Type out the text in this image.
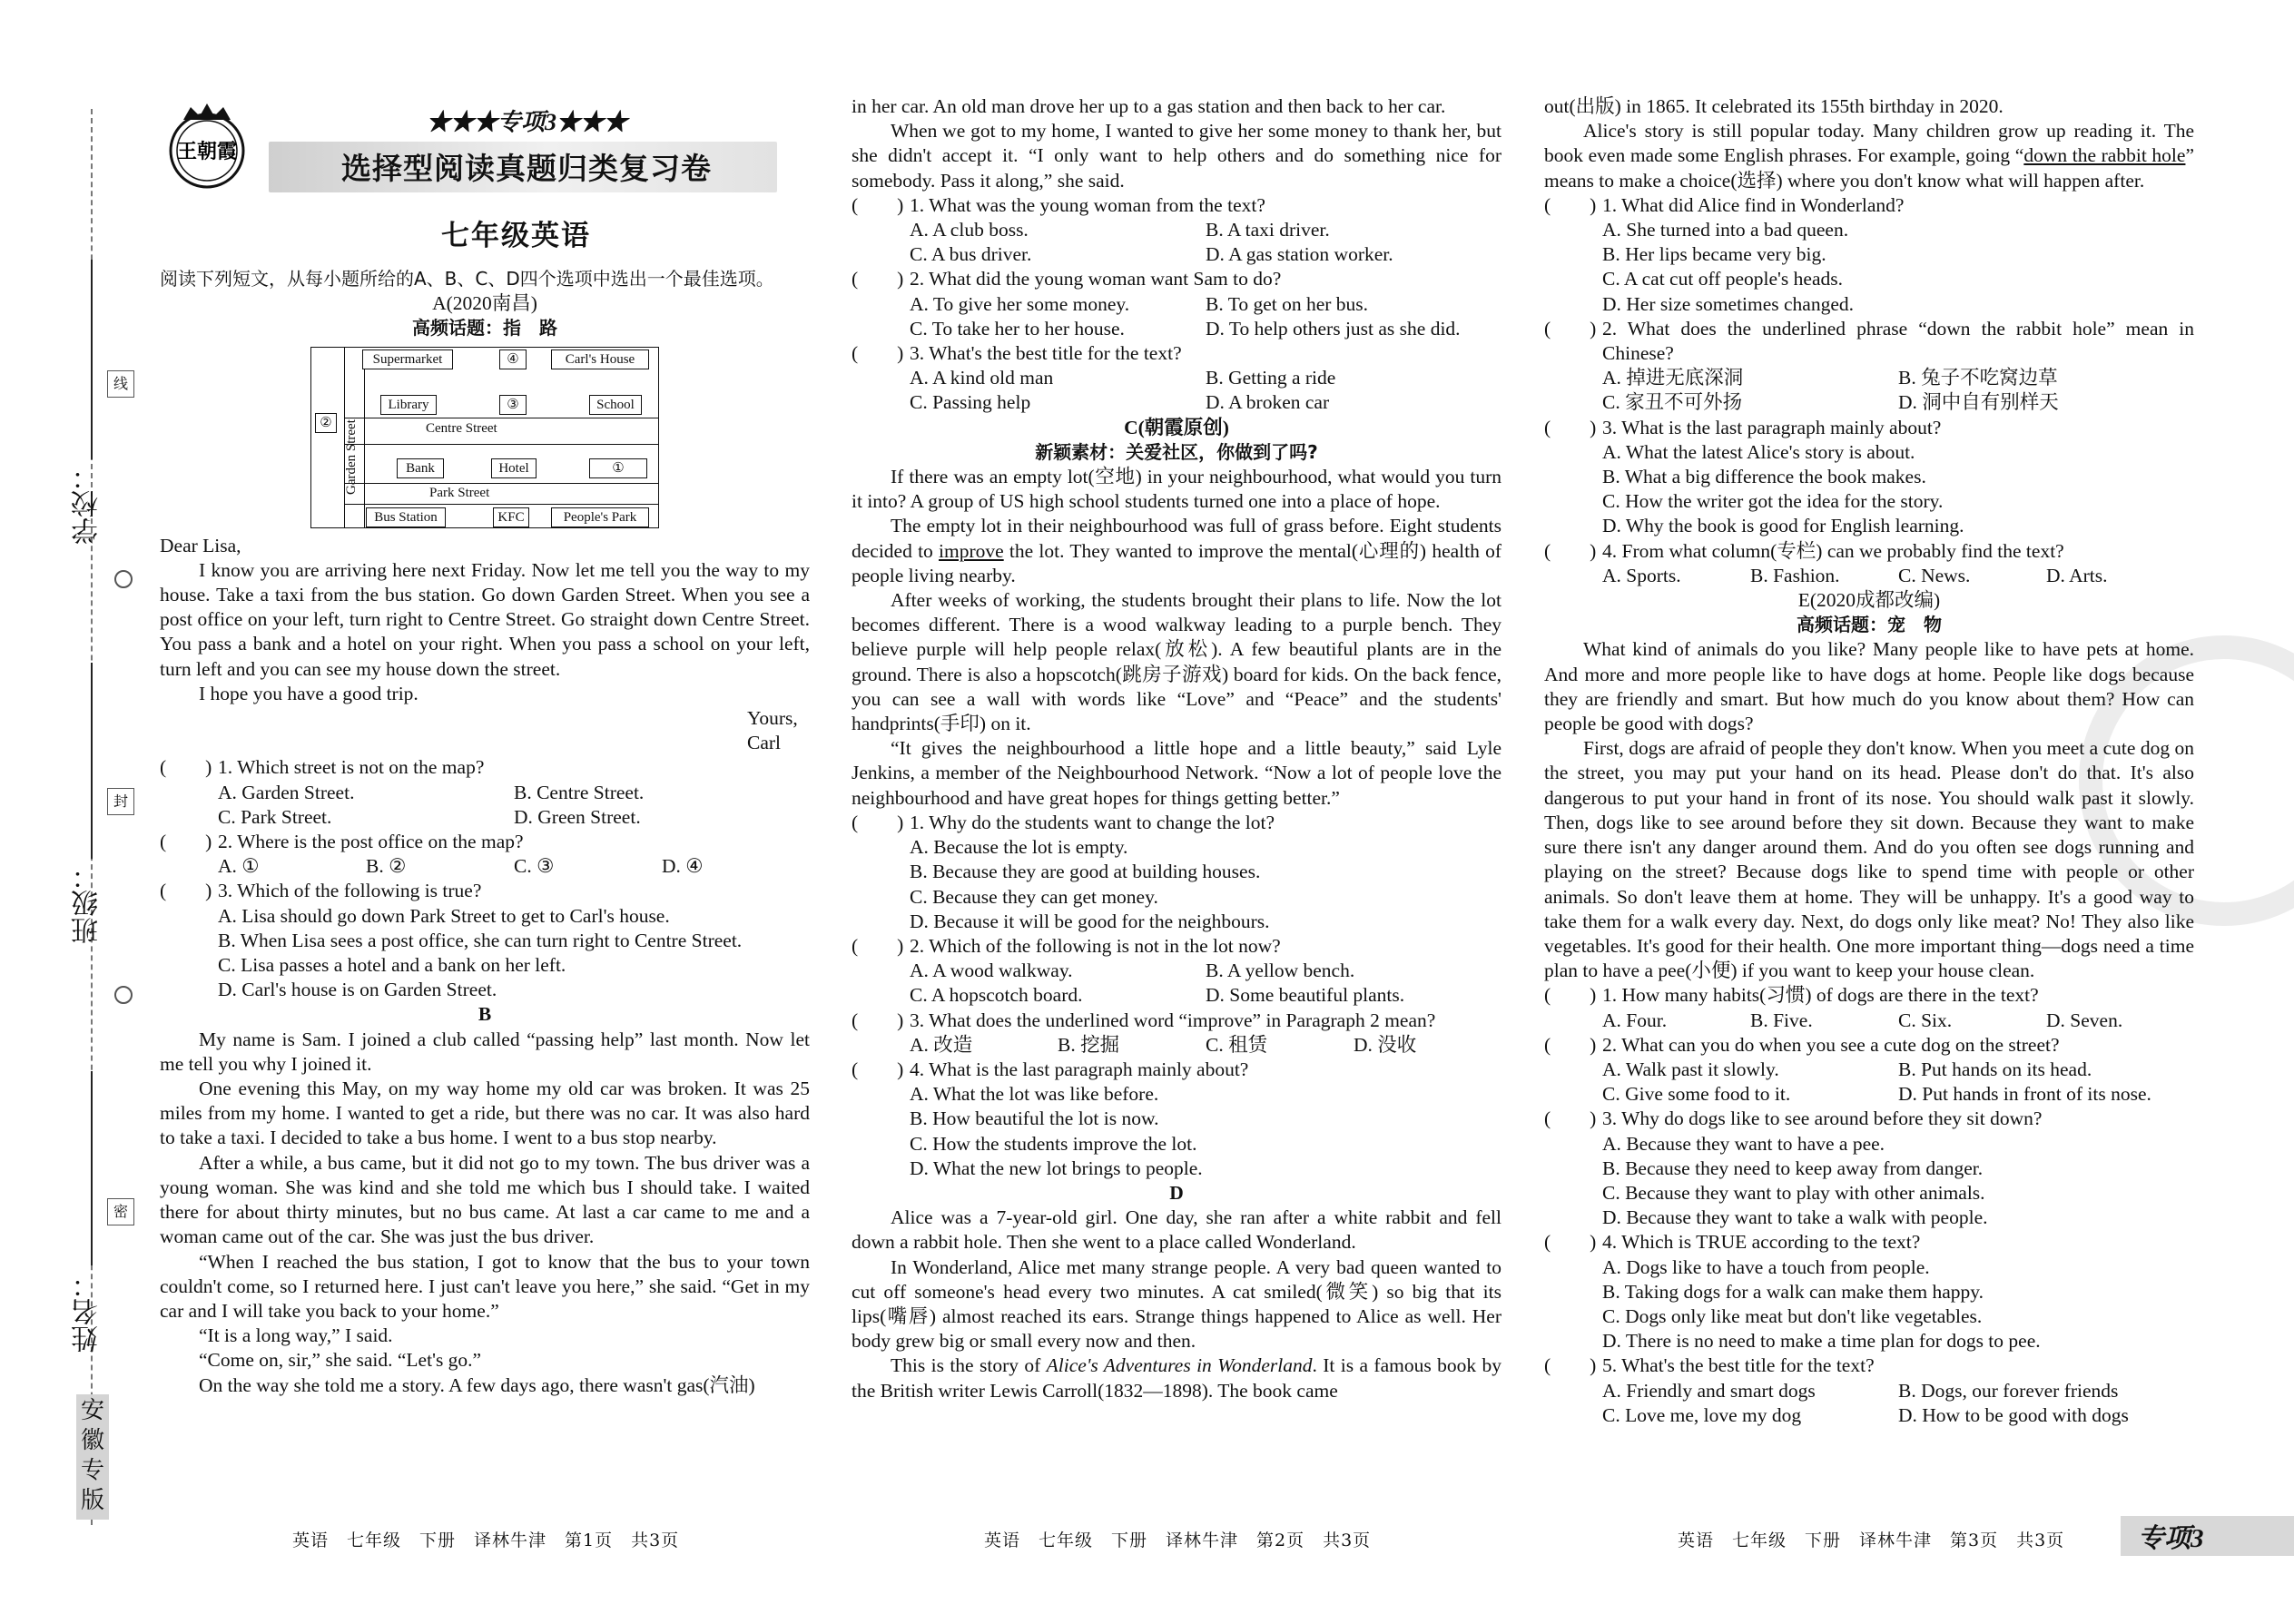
线
封
密
学校：
班级：
姓名：
安徽专版
王朝霞
★★★专项3★★★
选择型阅读真题归类复习卷
七年级英语

阅读下列短文，从每小题所给的A、B、C、D四个选项中选出一个最佳选项。

A(2020南昌)

高频话题：指　路

Dear Lisa,

I know you are arriving here next Friday. Now let me tell you the way to my house. Take a taxi from the bus station. Go down Garden Street. When you see a post office on your left, turn right to Centre Street. Go straight down Centre Street. You pass a bank and a hotel on your right. When you pass a school on your left, turn left and you can see my house down the street.

I hope you have a good trip.

Yours,

Carl

(　　) 1. Which street is not on the map?
A. Garden Street.	B. Centre Street.
C. Park Street.	D. Green Street.
(　　) 2. Where is the post office on the map?
A. ①	B. ②	C. ③	D. ④
(　　) 3. Which of the following is true?

A. Lisa should go down Park Street to get to Carl's house.

B. When Lisa sees a post office, she can turn right to Centre Street.

C. Lisa passes a hotel and a bank on her left.

D. Carl's house is on Garden Street.

B

My name is Sam. I joined a club called “passing help” last month. Now let me tell you why I joined it.

One evening this May, on my way home my old car was broken. It was 25 miles from my home. I wanted to get a ride, but there was no car. It was also hard to take a taxi. I decided to take a bus home. I went to a bus stop nearby.

After a while, a bus came, but it did not go to my town. The bus driver was a young woman. She was kind and she told me which bus I should take. I waited there for about thirty minutes, but no bus came. At last a car came to me and a woman came out of the car. She was just the bus driver.

“When I reached the bus station, I got to know that the bus to your town couldn't come, so I returned here. I just can't leave you here,” she said. “Get in my car and I will take you back to your home.”

“It is a long way,” I said.

“Come on, sir,” she said. “Let's go.”

On the way she told me a story. A few days ago, there wasn't gas(汽油)

Supermarket	④	Carl's House
Library	③	School
②	Centre Street
Garden Street	Bank	Hotel	①
Park Street
Bus Station	KFC	People's Park

in her car. An old man drove her up to a gas station and then back to her car.

When we got to my home, I wanted to give her some money to thank her, but she didn't accept it. “I only want to help others and do something nice for somebody. Pass it along,” she said.

(　　) 1. What was the young woman from the text?
A. A club boss.	B. A taxi driver.
C. A bus driver.	D. A gas station worker.
(　　) 2. What did the young woman want Sam to do?
A. To give her some money.	B. To get on her bus.
C. To take her to her house.	D. To help others just as she did.
(　　) 3. What's the best title for the text?
A. A kind old man	B. Getting a ride
C. Passing help	D. A broken car

C(朝霞原创)

新颖素材：关爱社区，你做到了吗?

If there was an empty lot(空地) in your neighbourhood, what would you turn it into? A group of US high school students turned one into a place of hope.

The empty lot in their neighbourhood was full of grass before. Eight students decided to improve the lot. They wanted to improve the mental(心理的) health of people living nearby.

After weeks of working, the students brought their plans to life. Now the lot becomes different. There is a wood walkway leading to a purple bench. They believe purple will help people relax(放松). A few beautiful plants are in the ground. There is also a hopscotch(跳房子游戏) board for kids. On the back fence, you can see a wall with words like “Love” and “Peace” and the students' handprints(手印) on it.

“It gives the neighbourhood a little hope and a little beauty,” said Lyle Jenkins, a member of the Neighbourhood Network. “Now a lot of people love the neighbourhood and have great hopes for things getting better.”

(　　) 1. Why do the students want to change the lot?

A. Because the lot is empty.

B. Because they are good at building houses.

C. Because they can get money.

D. Because it will be good for the neighbours.

(　　) 2. Which of the following is not in the lot now?
A. A wood walkway.	B. A yellow bench.
C. A hopscotch board.	D. Some beautiful plants.
(　　) 3. What does the underlined word “improve” in Paragraph 2 mean?
A. 改造	B. 挖掘	C. 租赁	D. 没收
(　　) 4. What is the last paragraph mainly about?

A. What the lot was like before.

B. How beautiful the lot is now.

C. How the students improve the lot.

D. What the new lot brings to people.

D

Alice was a 7-year-old girl. One day, she ran after a white rabbit and fell down a rabbit hole. Then she went to a place called Wonderland.

In Wonderland, Alice met many strange people. A very bad queen wanted to cut off someone's head every two minutes. A cat smiled(微笑) so big that its lips(嘴唇) almost reached its ears. Strange things happened to Alice as well. Her body grew big or small every now and then.

This is the story of Alice's Adventures in Wonderland. It is a famous book by the British writer Lewis Carroll(1832—1898). The book came

out(出版) in 1865. It celebrated its 155th birthday in 2020.

Alice's story is still popular today. Many children grow up reading it. The book even made some English phrases. For example, going “down the rabbit hole” means to make a choice(选择) where you don't know what will happen after.

(　　) 1. What did Alice find in Wonderland?

A. She turned into a bad queen.

B. Her lips became very big.

C. A cat cut off people's heads.

D. Her size sometimes changed.

(　　) 2. What does the underlined phrase “down the rabbit hole” mean in Chinese?
A. 掉进无底深洞	B. 兔子不吃窝边草
C. 家丑不可外扬	D. 洞中自有别样天
(　　) 3. What is the last paragraph mainly about?

A. What the latest Alice's story is about.

B. What a big difference the book makes.

C. How the writer got the idea for the story.

D. Why the book is good for English learning.

(　　) 4. From what column(专栏) can we probably find the text?
A. Sports.	B. Fashion.	C. News.	D. Arts.

E(2020成都改编)

高频话题：宠　物

What kind of animals do you like? Many people like to have pets at home. And more and more people like to have dogs at home. People like dogs because they are friendly and smart. But how much do you know about them? How can people be good with dogs?

First, dogs are afraid of people they don't know. When you meet a cute dog on the street, you may put your hand on its head. Please don't do that. It's also dangerous to put your hand in front of its nose. You should walk past it slowly. Then, dogs like to see around before they sit down. Because they want to make sure there isn't any danger around them. And do you often see dogs running and playing on the street? Because dogs like to spend time with people or other animals. So don't leave them at home. They will be unhappy. It's a good way to take them for a walk every day. Next, do dogs only like meat? No! They also like vegetables. It's good for their health. One more important thing—dogs need a time plan to have a pee(小便) if you want to keep your house clean.

(　　) 1. How many habits(习惯) of dogs are there in the text?
A. Four.	B. Five.	C. Six.	D. Seven.
(　　) 2. What can you do when you see a cute dog on the street?
A. Walk past it slowly.	B. Put hands on its head.
C. Give some food to it.	D. Put hands in front of its nose.
(　　) 3. Why do dogs like to see around before they sit down?

A. Because they want to have a pee.

B. Because they need to keep away from danger.

C. Because they want to play with other animals.

D. Because they want to take a walk with people.

(　　) 4. Which is TRUE according to the text?

A. Dogs like to have a touch from people.

B. Taking dogs for a walk can make them happy.

C. Dogs only like meat but don't like vegetables.

D. There is no need to make a time plan for dogs to pee.

(　　) 5. What's the best title for the text?
A. Friendly and smart dogs	B. Dogs, our forever friends
C. Love me, love my dog	D. How to be good with dogs
英语　七年级　下册　译林牛津　第1页　共3页	英语　七年级　下册　译林牛津　第2页　共3页	英语　七年级　下册　译林牛津　第3页　共3页	专项3
